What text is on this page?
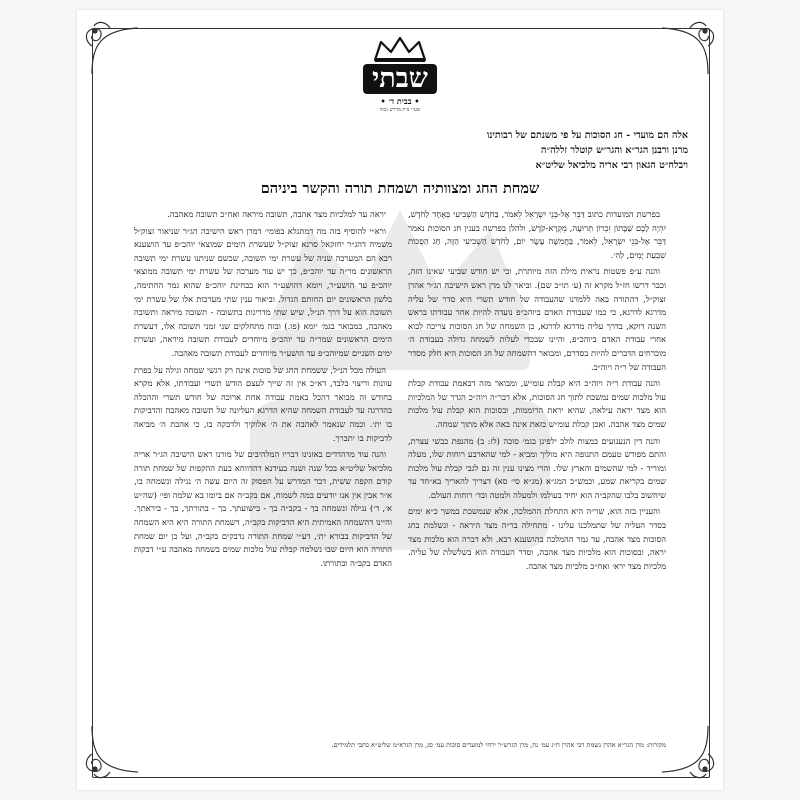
שבתי
• בבית ד׳ •
שע״י בית מדרש גבוה
אלה הם מועדי - חג הסוכות על פי משנתם של רבותינו
מרנן ורבנן הגר״א והגר״ש קוטלר זללה״ה
ויבלח״ט הגאון רבי אריה מלכיאל שליט״א
שמחת החג ומצוותיה ושמחת תורה והקשר ביניהם

בפרשת המועדות כתוב דַּבֵּר אֶל-בְּנֵי יִשְׂרָאֵל לֵאמֹר, בַּחֹדֶשׁ הַשְּׁבִיעִי בְּאֶחָד לַחֹדֶשׁ, יִהְיֶה לָכֶם שַׁבָּתוֹן זִכְרוֹן תְּרוּעָה, מִקְרָא-קֹדֶשׁ, ולהלן בפרשה בענין חג הסוכות נאמר דַּבֵּר אֶל-בְּנֵי יִשְׂרָאֵל, לֵאמֹר, בַּחֲמִשָּׁה עָשָׂר יוֹם, לַחֹדֶשׁ הַשְּׁבִיעִי הַזֶּה, חַג הַסֻּכּוֹת שִׁבְעַת יָמִים, לַה׳.

והנה ע״פ פשטות נראית מילת הזה מיותרת, וכי יש חודש שביעי שאינו הזה, וכבר דרשו חז״ל מקרא זה (ע׳ תו״כ שם). וביאר לנו מרן ראש הישיבה הג״ר אהרן זצוק״ל, דהתורה באה ללמדנו שהעבודה של חודש תשרי היא סדר של עליה מדרגא לדרגא, כי כמו שעבודת האדם ביוהכ״פ נועדה להיות אחר עבודתו בראש השנה דוקא, בדרך עליה מדרגא לדרגא, כן השמחה של חג הסוכות צריכה לבוא אחרי עבודת האדם ביוהכ״פ, והיינו שבכדי לעלות לשמחה גדולה בעבודת ה׳ מוכרחים הדברים להיות בסדרם, ומבואר דהשמחה של חג הסוכות היא חלק מסדר העבודה של ר״ה ויוה״כ.

והנה עבודת ר״ה ויוה״כ היא קבלת עומ״ש, ומבואר מזה דבאמת עבודת קבלת עול מלכות שמים נמשכת לתוך חג הסוכות, אלא דבר״ה ויוה״כ הגדר של המלכיות הוא מצד יראה עילאה, שהיא יראת הרוממות, ובסוכות הוא קבלת עול מלכות שמים מצד אהבה. ואכן קבלת עומ״ש כזאת אינה באה אלא מתוך שמחה.

והנה דין הנענועים במצות לולב ילפינן בגמ׳ סוכה (לז: ב) מהנפת כבשי עצרת, והתם מפורש טעמם התנופה היא מוליך ומביא - למי שהארבע רוחות שלו, מעלה ומוריד - למי שהשמים והארץ שלו. והרי מצינו ענין זה גם לגבי קבלת עול מלכות שמים בקריאת שמע, וכמש״כ המג״א (מג״א סי׳ סא) דצריך להאריך בא״חד עד שיחשוב בלבו שהקב״ה הוא יחיד בעולמו ולמעלה ולמטה ובד׳ רוחות העולם.

והעניין בזה הוא, שר״ה היא התחלת ההמלכה, אלא שנמשכת במשך כ״א ימים בסדר העליה של שתמלכנו עלינו - מתחילה בר״ה מצד היראה - ונשלמת בחג הסוכות מצד אהבה, עד גמר ההמלכה בהושענא רבא. ולא דברה הוא מלכות מצד יראה, ובסוכות הוא מלכיות מצד אהבה, וסדר העבודה הוא בשלשלת של עליה. מלכיות מצד ירא׳ ואח״כ מלכיות מצד אהבה.

יראה עד למלכיות מצד אהבה, תשובה מיראה ואח״כ תשובה מאהבה.

ורא״י להוסיף בזה מה דמתגלא בפומי׳ דמרן ראש הישיבה הג״ר שניאור זצוק״ל משמיה דהג״ר יחזקאל סרנא זצוק״ל שעשרת הימים שמוצאי יוהכ״פ עד הושענא רבא הם המערכה שניה של עשרת ימי תשובה, שכשם שניתנו עשרת ימי תשובה הראשונים מר״ה עד יוהכ״פ, כך יש עוד מערכה של עשרת ימי תשובה ממוצאי יוהכ״פ עד הושע״ר, ויומא דהושע״ר הוא בבחינת יוהכ״פ שהוא גמר החתימה, בלשון הראשונים יום החותם הגדול. וביאור ענין שתי מערכות אלו של עשרת ימי תשובה הוא על דרך הנ״ל, שיש שתי מדריגות בתשובה - תשובה מיראה ותשובה מאהבה, כמבואר בגמ׳ יומא (פו.) ובזה מתחלקים שני זמני תשובה אלו, דעשרת הימים הראשונים שמר״ה עד יוהכ״פ מיוחדים לעבודת תשובה מיראה, ועשרת ימים השניים שמיוהכ״פ עד הושע״ר מיוחדים לעבודת תשובה מאהבה.

העולה מכל הנ״ל, ששמחת החג של סוכות אינה רק רגשי שמחה וגילה על כפרת עוונות וריצוי בלבד, דא״כ אין זה שייך לעצם הודש תשרי ועבודתו, אלא מקרא בחודש זה מבואר דהכל באמת עבודה אחת ארוכה של חודש תשרי וההכלה בהדרגה עד לעבודת השמחה שהיא הדרגא העליונה של תשובה מאהבה והדביקות בו ית׳. וכמה שנאמר לאהבה את ה׳ אלוקיך ולדבקה בו, כי אהבת ה׳ מביאה לדביקות בו יתברך.

והנה עוד מדהדדים באזנינו דבריו המלהיבים של מורנו ראש הישיבה הג״ר אריה מלכיאל שליט״א בכל שנה ושנה בעידנא דהדווחא בעת ההקפות של שמחת תורה קודם הקפה ששית, דבר המדרש על הפסוק זה היום עשה ה׳ נגילה ונשמחה בו, א״ר אבין אין אנו יודעים במה לשמוח, אם בקב״ה אם ביומו בא שלמה ופי׳ (שה״ש א׳, ד׳) נגילה ונשמחה בך - בקב״ה בך - בישועתך. בך - בתורתך, בך - ביראתך. והיינו דהשמחה האמיתית היא הדביקות בקב״ה, דשמחת התורה היא היא השמחה של הדביקות בבורא ית׳, דע״י שמחת התורה נדבקים בקב״ה, ועל כן יום שמחת התורה הוא היום שבו נשלמה קבלת עול מלכות שמים בשמחה מאהבה ע״י דבקות האדם בקב״ה ובתורתו.

מקורות: מרן הגר״א אהרן נשמת רבי אהרן ח״ג עמ׳ נח, מרן הגרש״ר ירחי למועדים סוכות עמ׳ סג, מרן הגרא״מ שליט״א כתבי תלמידים.
